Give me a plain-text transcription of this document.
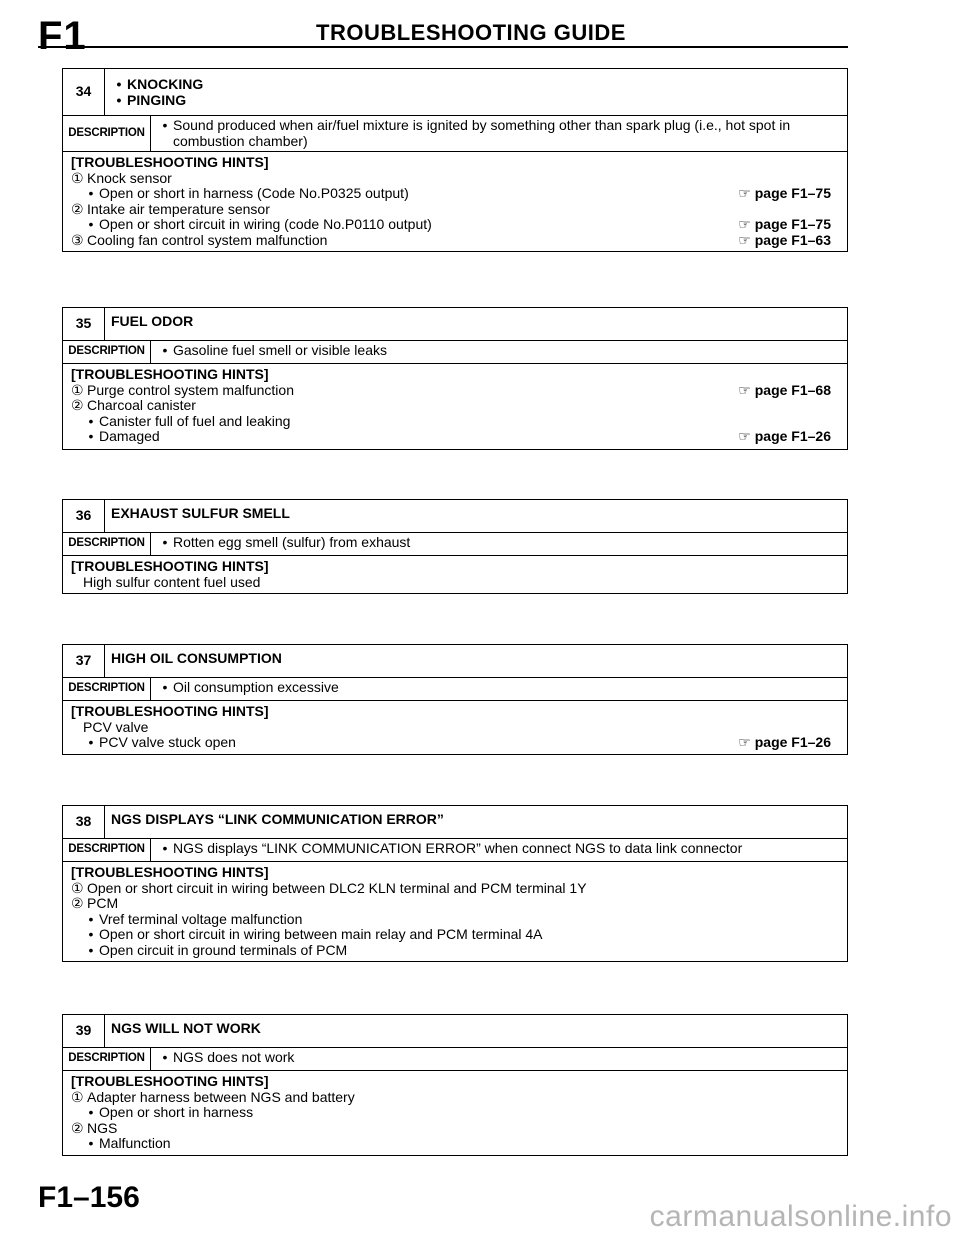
F1	TROUBLESHOOTING GUIDE
34	• KNOCKING
• PINGING
DESCRIPTION	• Sound produced when air/fuel mixture is ignited by something other than spark plug (i.e., hot spot in combustion chamber)
[TROUBLESHOOTING HINTS]
① Knock sensor
• Open or short in harness (Code No.P0325 output)	☞ page F1–75
② Intake air temperature sensor
• Open or short circuit in wiring (code No.P0110 output)	☞ page F1–75
③ Cooling fan control system malfunction	☞ page F1–63
35	FUEL ODOR
DESCRIPTION	• Gasoline fuel smell or visible leaks
[TROUBLESHOOTING HINTS]
① Purge control system malfunction	☞ page F1–68
② Charcoal canister
• Canister full of fuel and leaking
• Damaged	☞ page F1–26
36	EXHAUST SULFUR SMELL
DESCRIPTION	• Rotten egg smell (sulfur) from exhaust
[TROUBLESHOOTING HINTS]
High sulfur content fuel used
37	HIGH OIL CONSUMPTION
DESCRIPTION	• Oil consumption excessive
[TROUBLESHOOTING HINTS]
PCV valve
• PCV valve stuck open	☞ page F1–26
38	NGS DISPLAYS “LINK COMMUNICATION ERROR”
DESCRIPTION	• NGS displays “LINK COMMUNICATION ERROR” when connect NGS to data link connector
[TROUBLESHOOTING HINTS]
① Open or short circuit in wiring between DLC2 KLN terminal and PCM terminal 1Y
② PCM
• Vref terminal voltage malfunction
• Open or short circuit in wiring between main relay and PCM terminal 4A
• Open circuit in ground terminals of PCM
39	NGS WILL NOT WORK
DESCRIPTION	• NGS does not work
[TROUBLESHOOTING HINTS]
① Adapter harness between NGS and battery
• Open or short in harness
② NGS
• Malfunction
F1–156
carmanualsonline.info
